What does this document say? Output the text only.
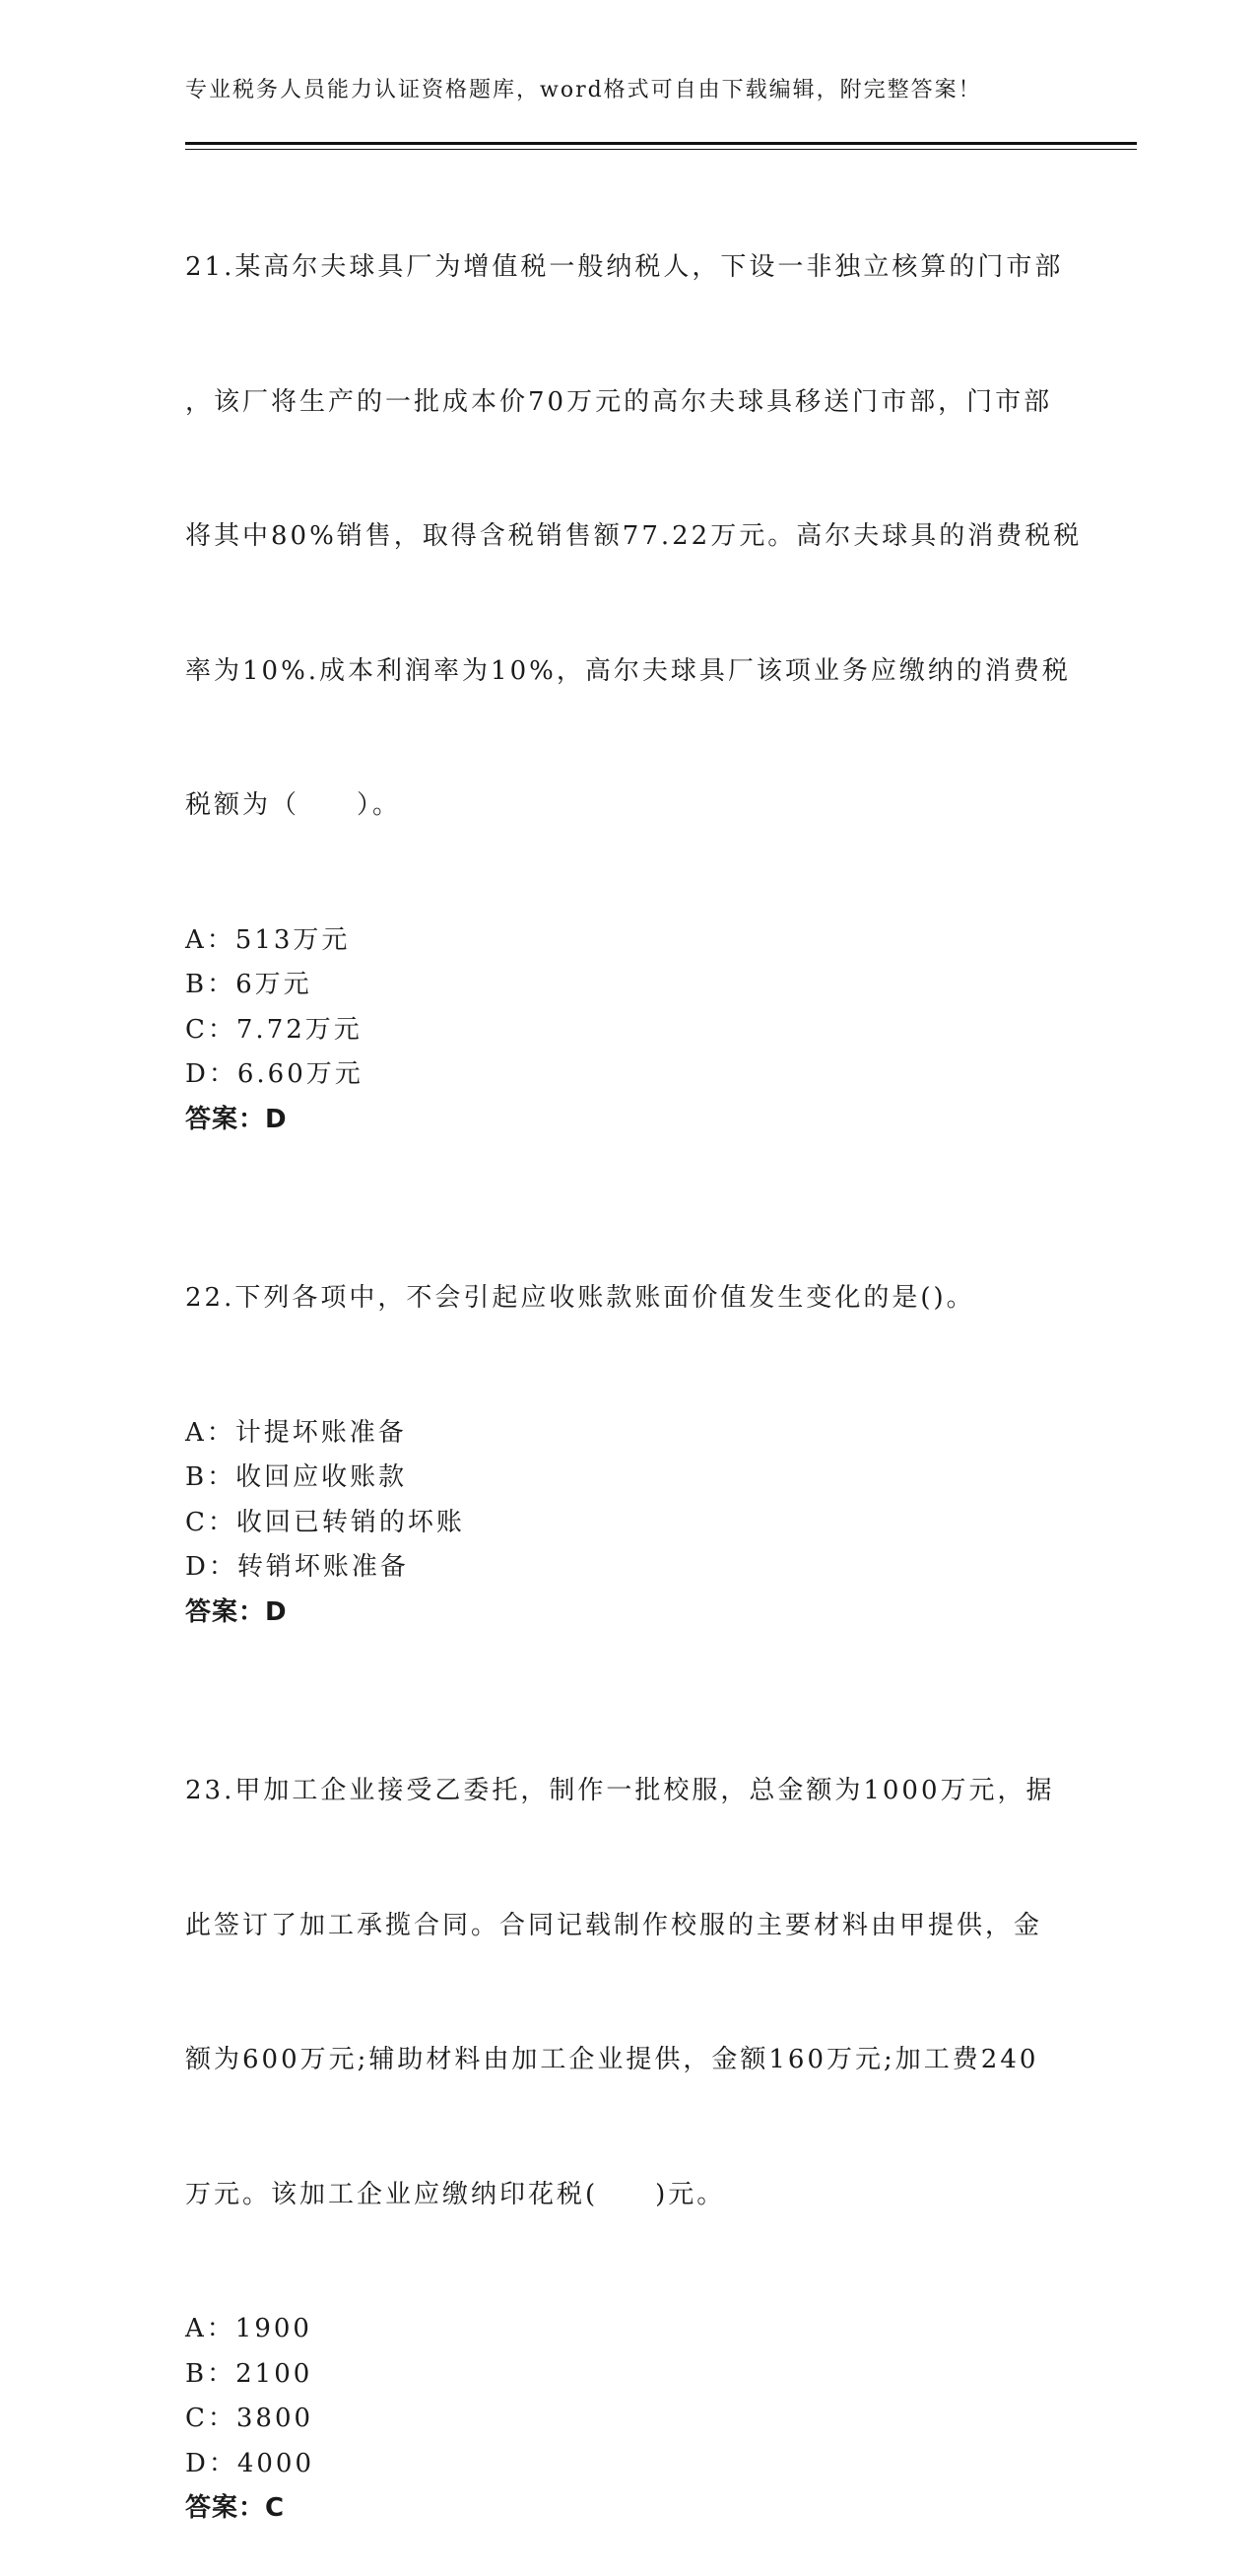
专业税务人员能力认证资格题库，word格式可自由下载编辑，附完整答案！

21.某高尔夫球具厂为增值税一般纳税人，下设一非独立核算的门市部

，该厂将生产的一批成本价70万元的高尔夫球具移送门市部，门市部

将其中80%销售，取得含税销售额77.22万元。高尔夫球具的消费税税

率为10%.成本利润率为10%，高尔夫球具厂该项业务应缴纳的消费税

税额为（　　）。

A：513万元
B：6万元
C：7.72万元
D：6.60万元
答案：D

22.下列各项中，不会引起应收账款账面价值发生变化的是()。

A：计提坏账准备
B：收回应收账款
C：收回已转销的坏账
D：转销坏账准备
答案：D

23.甲加工企业接受乙委托，制作一批校服，总金额为1000万元，据

此签订了加工承揽合同。合同记载制作校服的主要材料由甲提供，金

额为600万元;辅助材料由加工企业提供，金额160万元;加工费240

万元。该加工企业应缴纳印花税(　　)元。

A：1900
B：2100
C：3800
D：4000
答案：C
